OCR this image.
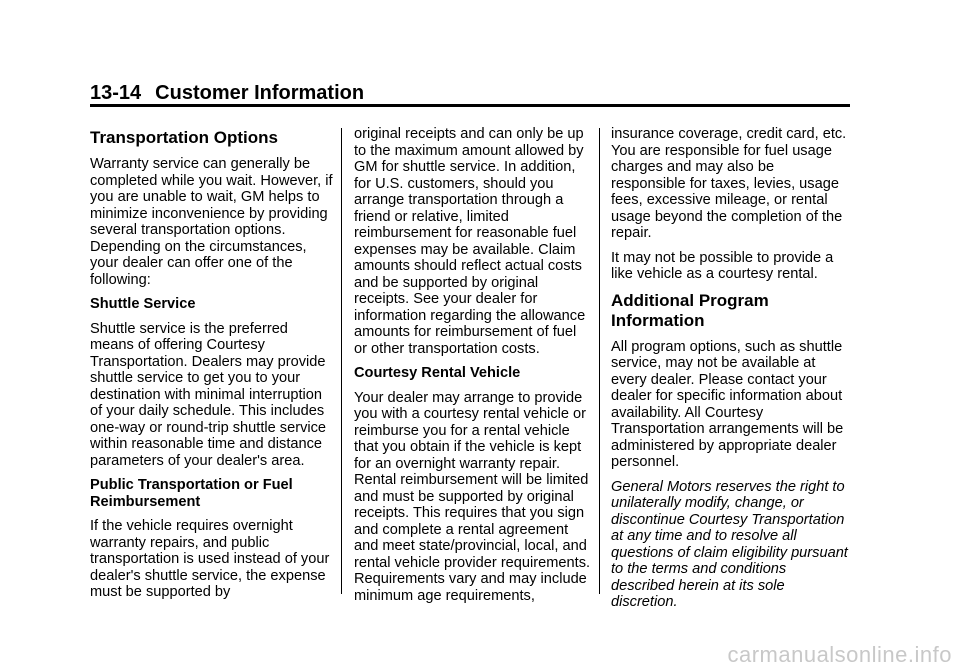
13-14 Customer Information
Transportation Options

Warranty service can generally be completed while you wait. However, if you are unable to wait, GM helps to minimize inconvenience by providing several transportation options. Depending on the circumstances, your dealer can offer one of the following:

Shuttle Service

Shuttle service is the preferred means of offering Courtesy Transportation. Dealers may provide shuttle service to get you to your destination with minimal interruption of your daily schedule. This includes one-way or round-trip shuttle service within reasonable time and distance parameters of your dealer's area.

Public Transportation or Fuel Reimbursement

If the vehicle requires overnight warranty repairs, and public transportation is used instead of your dealer's shuttle service, the expense must be supported by

original receipts and can only be up to the maximum amount allowed by GM for shuttle service. In addition, for U.S. customers, should you arrange transportation through a friend or relative, limited reimbursement for reasonable fuel expenses may be available. Claim amounts should reflect actual costs and be supported by original receipts. See your dealer for information regarding the allowance amounts for reimbursement of fuel or other transportation costs.

Courtesy Rental Vehicle

Your dealer may arrange to provide you with a courtesy rental vehicle or reimburse you for a rental vehicle that you obtain if the vehicle is kept for an overnight warranty repair. Rental reimbursement will be limited and must be supported by original receipts. This requires that you sign and complete a rental agreement and meet state/provincial, local, and rental vehicle provider requirements. Requirements vary and may include minimum age requirements,

insurance coverage, credit card, etc. You are responsible for fuel usage charges and may also be responsible for taxes, levies, usage fees, excessive mileage, or rental usage beyond the completion of the repair.

It may not be possible to provide a like vehicle as a courtesy rental.

Additional Program Information

All program options, such as shuttle service, may not be available at every dealer. Please contact your dealer for specific information about availability. All Courtesy Transportation arrangements will be administered by appropriate dealer personnel.

General Motors reserves the right to unilaterally modify, change, or discontinue Courtesy Transportation at any time and to resolve all questions of claim eligibility pursuant to the terms and conditions described herein at its sole discretion.

carmanualsonline.info
